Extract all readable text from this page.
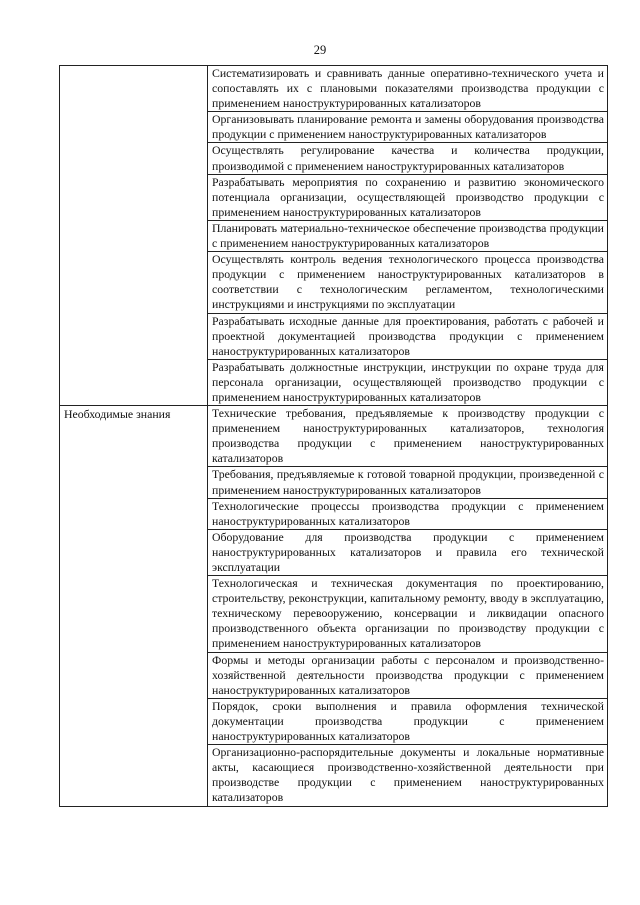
29
	Систематизировать и сравнивать данные оперативно-технического учета и сопоставлять их с плановыми показателями производства продукции с применением наноструктурированных катализаторов
	Организовывать планирование ремонта и замены оборудования производства продукции с применением наноструктурированных катализаторов
	Осуществлять регулирование качества и количества продукции, производимой с применением наноструктурированных катализаторов
	Разрабатывать мероприятия по сохранению и развитию экономического потенциала организации, осуществляющей производство продукции с применением наноструктурированных катализаторов
	Планировать материально-техническое обеспечение производства продукции с применением наноструктурированных катализаторов
	Осуществлять контроль ведения технологического процесса производства продукции с применением наноструктурированных катализаторов в соответствии с технологическим регламентом, технологическими инструкциями и инструкциями по эксплуатации
	Разрабатывать исходные данные для проектирования, работать с рабочей и проектной документацией производства продукции с применением наноструктурированных катализаторов
	Разрабатывать должностные инструкции, инструкции по охране труда для персонала организации, осуществляющей производство продукции с применением наноструктурированных катализаторов

Необходимые знания	Технические требования, предъявляемые к производству продукции с применением наноструктурированных катализаторов, технология производства продукции с применением наноструктурированных катализаторов
	Требования, предъявляемые к готовой товарной продукции, произведенной с применением наноструктурированных катализаторов
	Технологические процессы производства продукции с применением наноструктурированных катализаторов
	Оборудование для производства продукции с применением наноструктурированных катализаторов и правила его технической эксплуатации
	Технологическая и техническая документация по проектированию, строительству, реконструкции, капитальному ремонту, вводу в эксплуатацию, техническому перевооружению, консервации и ликвидации опасного производственного объекта организации по производству продукции с применением наноструктурированных катализаторов
	Формы и методы организации работы с персоналом и производственно-хозяйственной деятельности производства продукции с применением наноструктурированных катализаторов
	Порядок, сроки выполнения и правила оформления технической документации производства продукции с применением наноструктурированных катализаторов
	Организационно-распорядительные документы и локальные нормативные акты, касающиеся производственно-хозяйственной деятельности при производстве продукции с применением наноструктурированных катализаторов
